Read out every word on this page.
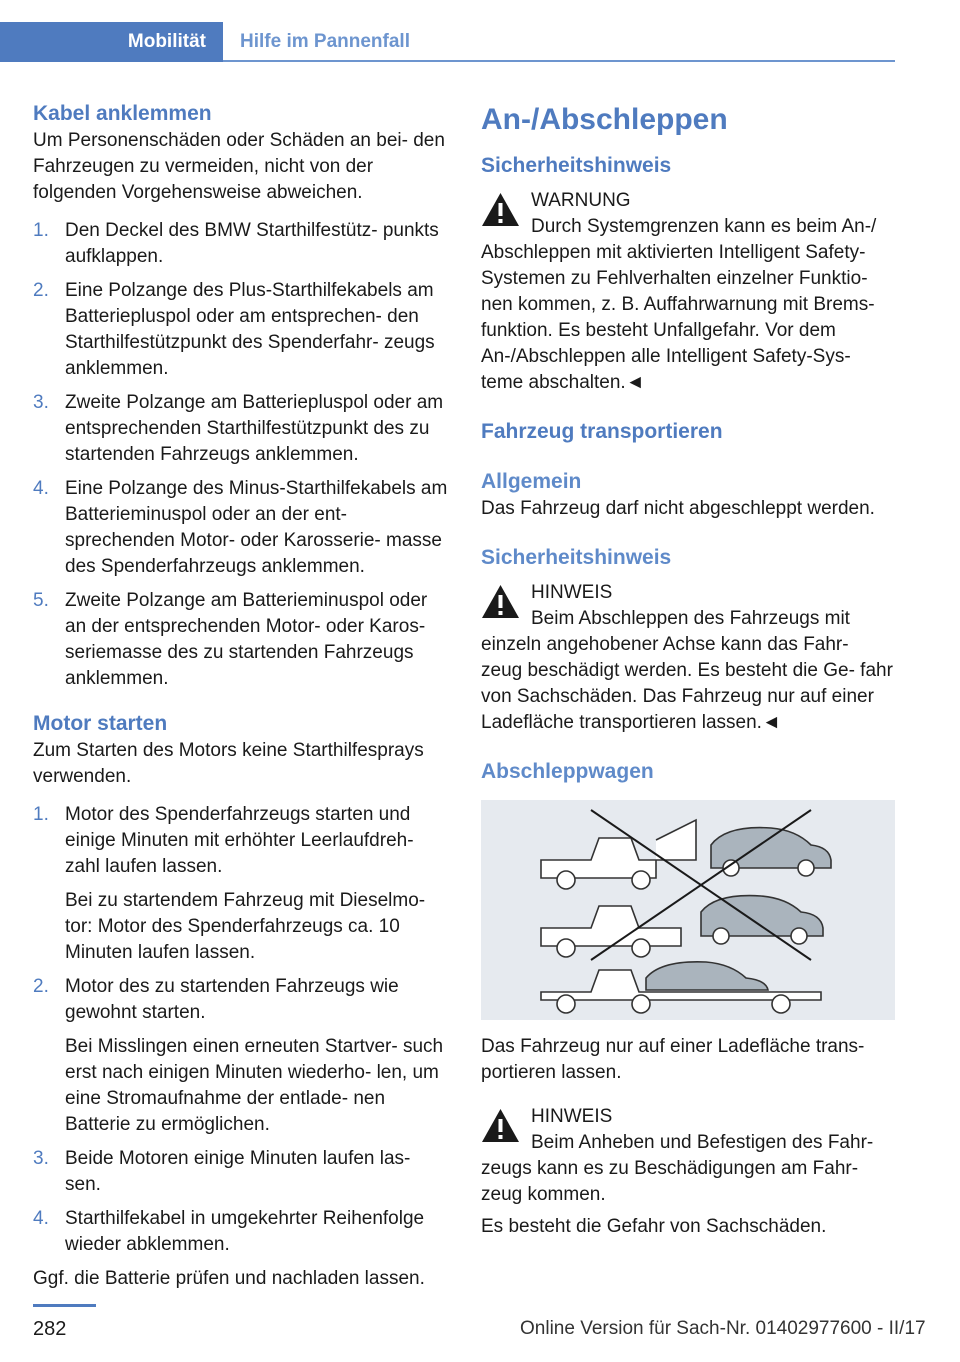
Mobilität	Hilfe im Pannenfall

Kabel anklemmen

Um Personenschäden oder Schäden an bei- den Fahrzeugen zu vermeiden, nicht von der folgenden Vorgehensweise abweichen.

1. Den Deckel des BMW Starthilfestütz- punkts aufklappen.
2. Eine Polzange des Plus-Starthilfekabels am Batteriepluspol oder am entsprechen- den Starthilfestützpunkt des Spenderfahr- zeugs anklemmen.
3. Zweite Polzange am Batteriepluspol oder am entsprechenden Starthilfestützpunkt des zu startenden Fahrzeugs anklemmen.
4. Eine Polzange des Minus-Starthilfekabels am Batterieminuspol oder an der ent- sprechenden Motor- oder Karosserie- masse des Spenderfahrzeugs anklemmen.
5. Zweite Polzange am Batterieminuspol oder an der entsprechenden Motor- oder Karos- seriemasse des zu startenden Fahrzeugs anklemmen.

Motor starten

Zum Starten des Motors keine Starthilfesprays verwenden.

1. Motor des Spenderfahrzeugs starten und einige Minuten mit erhöhter Leerlaufdreh- zahl laufen lassen.
Bei zu startendem Fahrzeug mit Dieselmo- tor: Motor des Spenderfahrzeugs ca. 10 Minuten laufen lassen.
2. Motor des zu startenden Fahrzeugs wie gewohnt starten.
Bei Misslingen einen erneuten Startver- such erst nach einigen Minuten wiederho- len, um eine Stromaufnahme der entlade- nen Batterie zu ermöglichen.
3. Beide Motoren einige Minuten laufen las- sen.
4. Starthilfekabel in umgekehrter Reihenfolge wieder abklemmen.

Ggf. die Batterie prüfen und nachladen lassen.

An-/Abschleppen

Sicherheitshinweis

WARNUNG

Durch Systemgrenzen kann es beim An-/ Abschleppen mit aktivierten Intelligent Safety- Systemen zu Fehlverhalten einzelner Funktio- nen kommen, z. B. Auffahrwarnung mit Brems- funktion. Es besteht Unfallgefahr. Vor dem An-/Abschleppen alle Intelligent Safety-Sys- teme abschalten.◄

Fahrzeug transportieren

Allgemein

Das Fahrzeug darf nicht abgeschleppt werden.

Sicherheitshinweis

HINWEIS

Beim Abschleppen des Fahrzeugs mit einzeln angehobener Achse kann das Fahr- zeug beschädigt werden. Es besteht die Ge- fahr von Sachschäden. Das Fahrzeug nur auf einer Ladefläche transportieren lassen.◄

Abschleppwagen

Das Fahrzeug nur auf einer Ladefläche trans- portieren lassen.

HINWEIS

Beim Anheben und Befestigen des Fahr- zeugs kann es zu Beschädigungen am Fahr- zeug kommen.

Es besteht die Gefahr von Sachschäden.

282	Online Version für Sach-Nr. 01402977600 - II/17
